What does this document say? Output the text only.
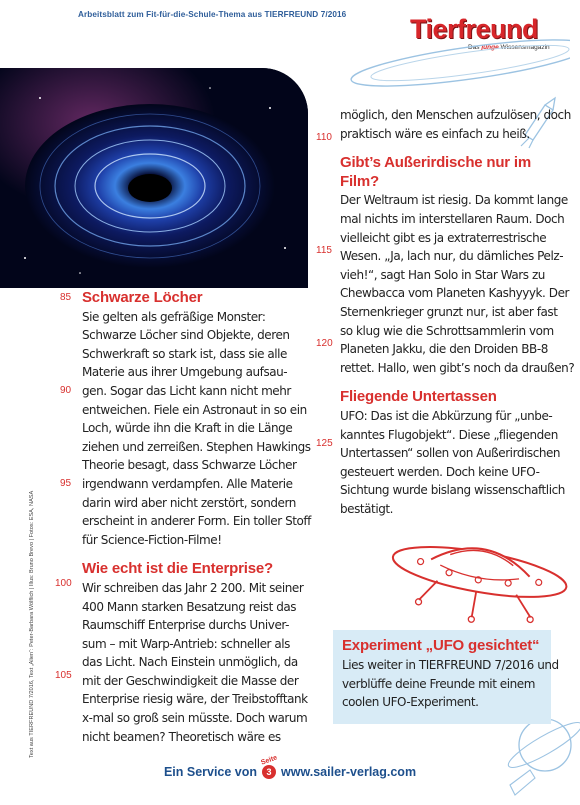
Arbeitsblatt zum Fit-für-die-Schule-Thema aus TIERFREUND 7/2016 Tierfreund
Das junge Wissensmagazin
Text aus TIERFREUND 7/2016, Text „Alien“: Peter-Barbara Wölflich | Illus: Bruno Brevo | Fotos: ESA, NASA
85
90
95
100
105
110
115
120
125
Schwarze Löcher
Sie gelten als gefräßige Monster:
Schwarze Löcher sind Objekte, deren
Schwerkraft so stark ist, dass sie alle
Materie aus ihrer Umgebung aufsau-
gen. Sogar das Licht kann nicht mehr
entweichen. Fiele ein Astronaut in so ein
Loch, würde ihn die Kraft in die Länge
ziehen und zerreißen. Stephen Hawkings
Theorie besagt, dass Schwarze Löcher
irgendwann verdampfen. Alle Materie
darin wird aber nicht zerstört, sondern
erscheint in anderer Form. Ein toller Stoff
für Science-Fiction-Filme!
Wie echt ist die Enterprise?
Wir schreiben das Jahr 2 200. Mit seiner
400 Mann starken Besatzung reist das
Raumschiff Enterprise durchs Univer-
sum – mit Warp-Antrieb: schneller als
das Licht. Nach Einstein unmöglich, da
mit der Geschwindigkeit die Masse der
Enterprise riesig wäre, der Treibstofftank
x-mal so groß sein müsste. Doch warum
nicht beamen? Theoretisch wäre es
möglich, den Menschen aufzulösen, doch
praktisch wäre es einfach zu heiß.
Gibt’s Außerirdische nur im Film?
Der Weltraum ist riesig. Da kommt lange
mal nichts im interstellaren Raum. Doch
vielleicht gibt es ja extraterrestrische
Wesen. „Ja, lach nur, du dämliches Pelz-
vieh!“, sagt Han Solo in Star Wars zu
Chewbacca vom Planeten Kashyyyk. Der
Sternenkrieger grunzt nur, ist aber fast
so klug wie die Schrottsammlerin vom
Planeten Jakku, die den Droiden BB-8
rettet. Hallo, wen gibt’s noch da draußen?
Fliegende Untertassen
UFO: Das ist die Abkürzung für „unbe-
kanntes Flugobjekt“. Diese „fliegenden
Untertassen“ sollen von Außerirdischen
gesteuert werden. Doch keine UFO-
Sichtung wurde bislang wissenschaftlich
bestätigt.
Experiment „UFO gesichtet“
Lies weiter in TIERFREUND 7/2016 und
verblüffe deine Freunde mit einem
coolen UFO-Experiment.
Ein Service von
Seite
3 www.sailer-verlag.com
